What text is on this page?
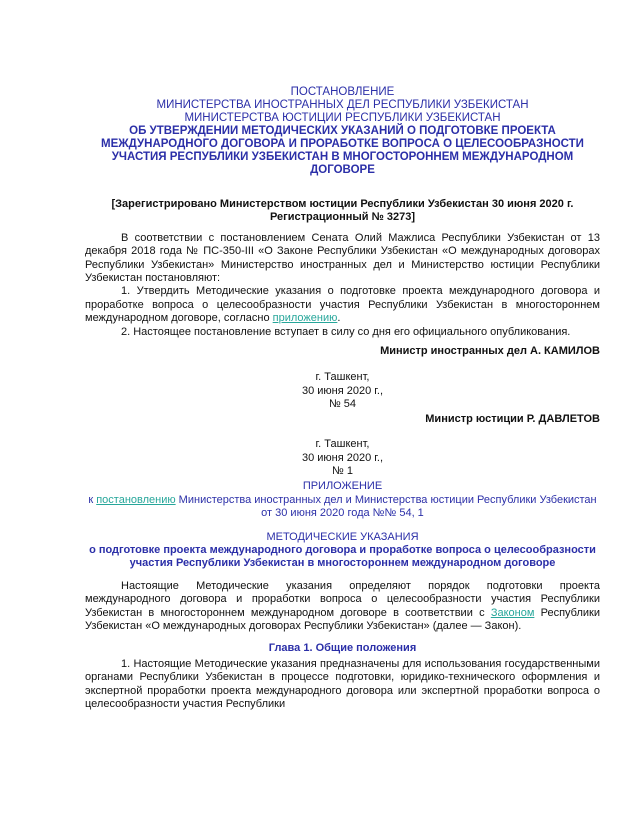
ПОСТАНОВЛЕНИЕ
МИНИСТЕРСТВА ИНОСТРАННЫХ ДЕЛ РЕСПУБЛИКИ УЗБЕКИСТАН
МИНИСТЕРСТВА ЮСТИЦИИ РЕСПУБЛИКИ УЗБЕКИСТАН
ОБ УТВЕРЖДЕНИИ МЕТОДИЧЕСКИХ УКАЗАНИЙ О ПОДГОТОВКЕ ПРОЕКТА МЕЖДУНАРОДНОГО ДОГОВОРА И ПРОРАБОТКЕ ВОПРОСА О ЦЕЛЕСООБРАЗНОСТИ УЧАСТИЯ РЕСПУБЛИКИ УЗБЕКИСТАН В МНОГОСТОРОННЕМ МЕЖДУНАРОДНОМ ДОГОВОРЕ

[Зарегистрировано Министерством юстиции Республики Узбекистан 30 июня 2020 г. Регистрационный № 3273]

В соответствии с постановлением Сената Олий Мажлиса Республики Узбекистан от 13 декабря 2018 года № ПС-350-III «О Законе Республики Узбекистан «О международных договорах Республики Узбекистан» Министерство иностранных дел и Министерство юстиции Республики Узбекистан постановляют:

1. Утвердить Методические указания о подготовке проекта международного договора и проработке вопроса о целесообразности участия Республики Узбекистан в многостороннем международном договоре, согласно приложению.

2. Настоящее постановление вступает в силу со дня его официального опубликования.

Министр иностранных дел А. КАМИЛОВ

г. Ташкент,
30 июня 2020 г.,
№ 54

Министр юстиции Р. ДАВЛЕТОВ

г. Ташкент,
30 июня 2020 г.,
№ 1
ПРИЛОЖЕНИЕ
к постановлению Министерства иностранных дел и Министерства юстиции Республики Узбекистан от 30 июня 2020 года №№ 54, 1
МЕТОДИЧЕСКИЕ УКАЗАНИЯ
о подготовке проекта международного договора и проработке вопроса о целесообразности участия Республики Узбекистан в многостороннем международном договоре

Настоящие Методические указания определяют порядок подготовки проекта международного договора и проработки вопроса о целесообразности участия Республики Узбекистан в многостороннем международном договоре в соответствии с Законом Республики Узбекистан «О международных договорах Республики Узбекистан» (далее — Закон).

Глава 1. Общие положения

1. Настоящие Методические указания предназначены для использования государственными органами Республики Узбекистан в процессе подготовки, юридико-технического оформления и экспертной проработки проекта международного договора или экспертной проработки вопроса о целесообразности участия Республики
